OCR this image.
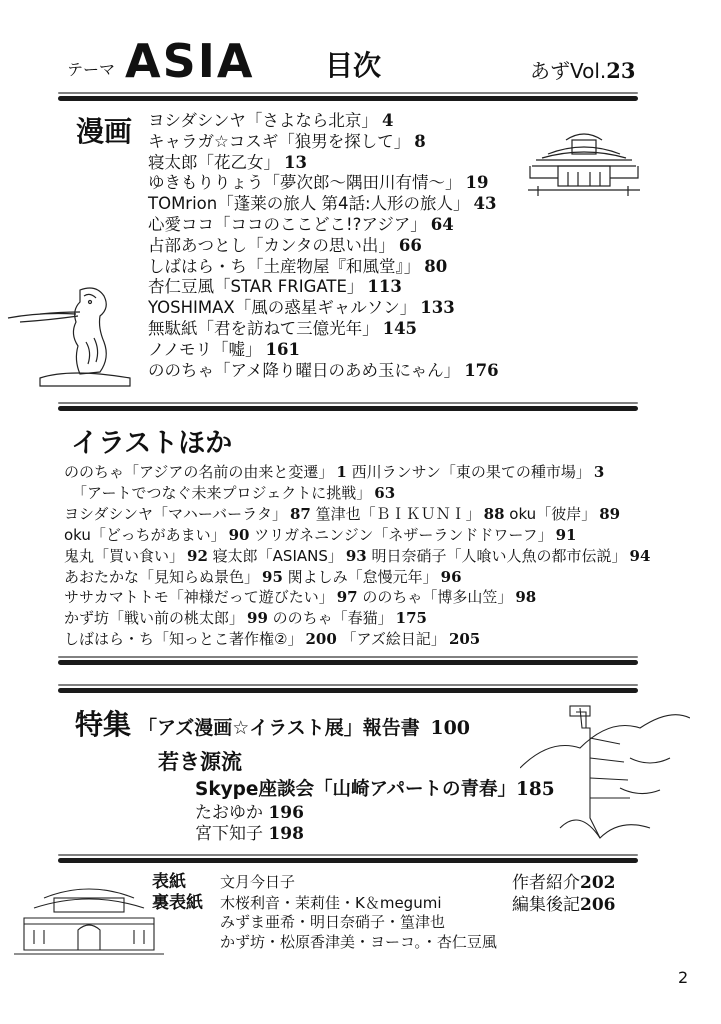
テーマ ASIA	目次	あずVol.23
漫画 ヨシダシンヤ「さよなら北京」 4
キャラガ☆コスギ「狼男を探して」 8
寝太郎「花乙女」 13
ゆきもりりょう「夢次郎〜隅田川有情〜」 19
TOMrion「蓬莱の旅人 第4話:人形の旅人」 43
心愛ココ「ココのここどこ!?アジア」 64
占部あつとし「カンタの思い出」 66
しばはら・ち「土産物屋『和風堂』」 80
杏仁豆風「STAR FRIGATE」 113
YOSHIMAX「風の惑星ギャルソン」 133
無駄紙「君を訪ねて三億光年」 145
ノノモリ「嘘」 161
ののちゃ「アメ降り曜日のあめ玉にゃん」 176
イラストほか
ののちゃ「アジアの名前の由来と変遷」 1 西川ランサン「東の果ての種市場」 3
「アートでつなぐ未来プロジェクトに挑戦」 63
ヨシダシンヤ「マハーバーラタ」 87 篁津也「ＢＩＫＵＮＩ」 88 oku「彼岸」 89
oku「どっちがあまい」 90 ツリガネニンジン「ネザーランドドワーフ」 91
鬼丸「買い食い」 92 寝太郎「ASIANS」 93 明日奈硝子「人喰い人魚の都市伝説」 94
あおたかな「見知らぬ景色」 95 関よしみ「怠慢元年」 96
ササカマトトモ「神様だって遊びたい」 97 ののちゃ「博多山笠」 98
かず坊「戦い前の桃太郎」 99 ののちゃ「春猫」 175
しばはら・ち「知っとこ著作権②」 200 「アズ絵日記」 205
特集 「アズ漫画☆イラスト展」報告書 100
若き源流
Skype座談会「山崎アパートの青春」185
たおゆか 196
宮下知子 198
表紙 文月今日子
裏表紙 木桜利音・茉莉佳・K＆megumi
みずま亜希・明日奈硝子・篁津也
かず坊・松原香津美・ヨーコ。・杏仁豆風
作者紹介202
編集後記206
2
